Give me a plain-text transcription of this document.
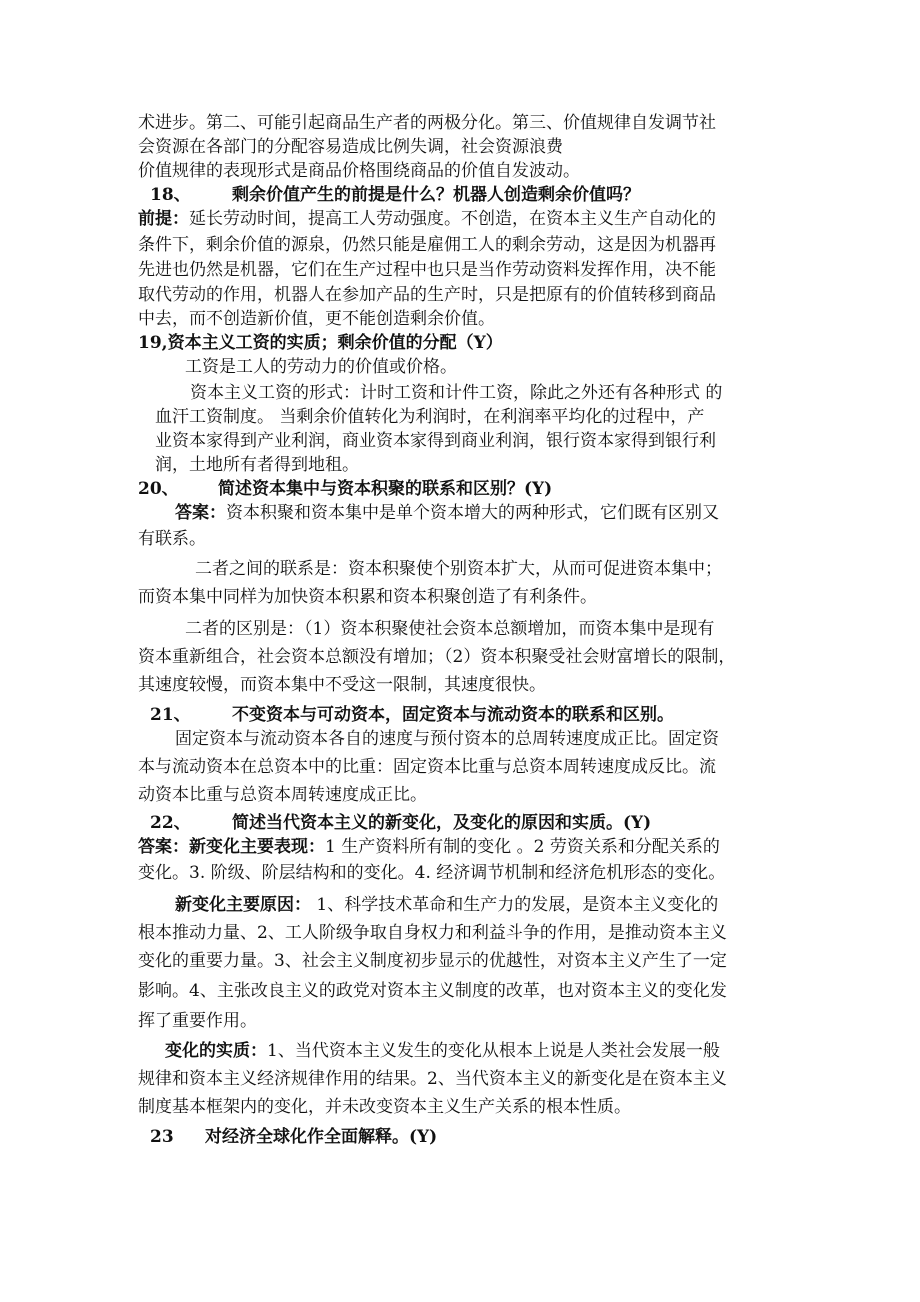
术进步。第二、可能引起商品生产者的两极分化。第三、价值规律自发调节社
会资源在各部门的分配容易造成比例失调，社会资源浪费
价值规律的表现形式是商品价格围绕商品的价值自发波动。
18、 剩余价值产生的前提是什么？机器人创造剩余价值吗？
前提：延长劳动时间，提高工人劳动强度。不创造，在资本主义生产自动化的
条件下，剩余价值的源泉，仍然只能是雇佣工人的剩余劳动，这是因为机器再
先进也仍然是机器，它们在生产过程中也只是当作劳动资料发挥作用，决不能
取代劳动的作用，机器人在参加产品的生产时，只是把原有的价值转移到商品
中去，而不创造新价值，更不能创造剩余价值。
19,资本主义工资的实质；剩余价值的分配（Y）
工资是工人的劳动力的价值或价格。
资本主义工资的形式：计时工资和计件工资，除此之外还有各种形式 的
血汗工资制度。 当剩余价值转化为利润时，在利润率平均化的过程中，产
业资本家得到产业利润，商业资本家得到商业利润，银行资本家得到银行利
润，土地所有者得到地租。
20、 简述资本集中与资本积聚的联系和区别？(Y)
答案：资本积聚和资本集中是单个资本增大的两种形式，它们既有区别又
有联系。
二者之间的联系是：资本积聚使个别资本扩大，从而可促进资本集中；
而资本集中同样为加快资本积累和资本积聚创造了有利条件。
二者的区别是：（1）资本积聚使社会资本总额增加，而资本集中是现有
资本重新组合，社会资本总额没有增加；（2）资本积聚受社会财富增长的限制，
其速度较慢，而资本集中不受这一限制，其速度很快。
21、 不变资本与可动资本，固定资本与流动资本的联系和区别。
固定资本与流动资本各自的速度与预付资本的总周转速度成正比。固定资
本与流动资本在总资本中的比重：固定资本比重与总资本周转速度成反比。流
动资本比重与总资本周转速度成正比。
22、 简述当代资本主义的新变化，及变化的原因和实质。(Y)
答案：新变化主要表现：1 生产资料所有制的变化 。2 劳资关系和分配关系的
变化。3. 阶级、阶层结构和的变化。4. 经济调节机制和经济危机形态的变化。
新变化主要原因： 1、科学技术革命和生产力的发展，是资本主义变化的
根本推动力量、2、工人阶级争取自身权力和利益斗争的作用，是推动资本主义
变化的重要力量。3、社会主义制度初步显示的优越性，对资本主义产生了一定
影响。4、主张改良主义的政党对资本主义制度的改革，也对资本主义的变化发
挥了重要作用。
变化的实质：1、当代资本主义发生的变化从根本上说是人类社会发展一般
规律和资本主义经济规律作用的结果。2、当代资本主义的新变化是在资本主义
制度基本框架内的变化，并未改变资本主义生产关系的根本性质。
23 对经济全球化作全面解释。(Y)
